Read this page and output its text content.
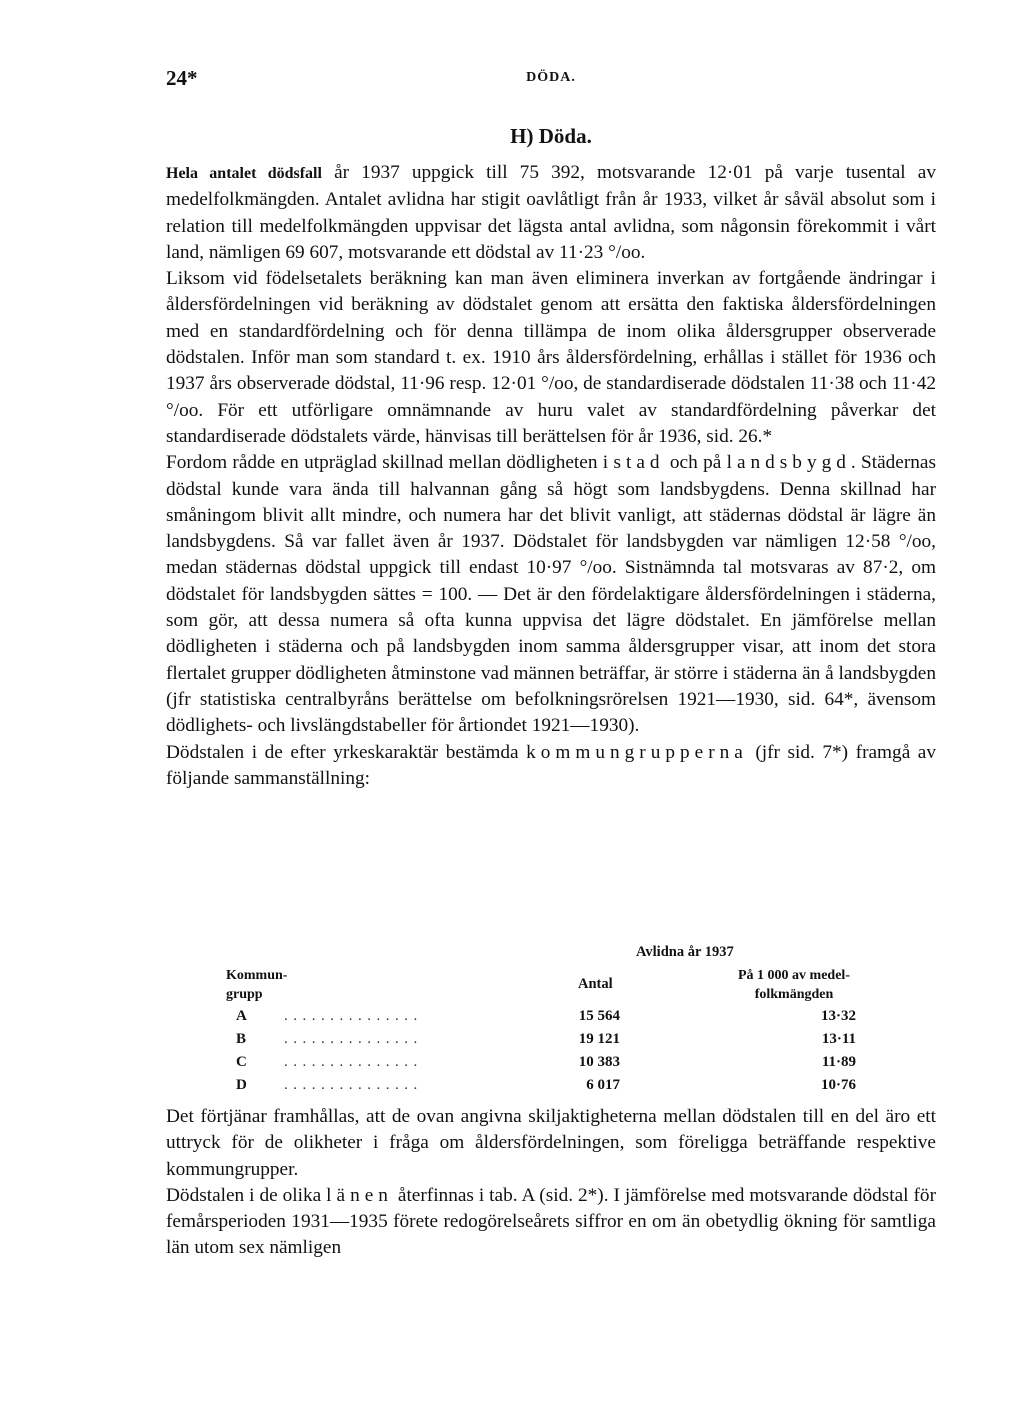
24*	DÖDA.
H) Döda.

Hela antalet dödsfall år 1937 uppgick till 75 392, motsvarande 12·01 på varje tusental av medelfolkmängden. Antalet avlidna har stigit oavlåtligt från år 1933, vilket år såväl absolut som i relation till medelfolkmängden uppvisar det lägsta antal avlidna, som någonsin förekommit i vårt land, nämligen 69 607, motsvarande ett dödstal av 11·23 °/oo.

Liksom vid födelsetalets beräkning kan man även eliminera inverkan av fortgående ändringar i åldersfördelningen vid beräkning av dödstalet genom att ersätta den faktiska åldersfördelningen med en standardfördelning och för denna tillämpa de inom olika åldersgrupper observerade dödstalen. Inför man som standard t. ex. 1910 års åldersfördelning, erhållas i stället för 1936 och 1937 års observerade dödstal, 11·96 resp. 12·01 °/oo, de standardiserade dödstalen 11·38 och 11·42 °/oo. För ett utförligare omnämnande av huru valet av standardfördelning påverkar det standardiserade dödstalets värde, hänvisas till berättelsen för år 1936, sid. 26.*

Fordom rådde en utpräglad skillnad mellan dödligheten i stad och på landsbygd. Städernas dödstal kunde vara ända till halvannan gång så högt som landsbygdens. Denna skillnad har småningom blivit allt mindre, och numera har det blivit vanligt, att städernas dödstal är lägre än landsbygdens. Så var fallet även år 1937. Dödstalet för landsbygden var nämligen 12·58 °/oo, medan städernas dödstal uppgick till endast 10·97 °/oo. Sistnämnda tal motsvaras av 87·2, om dödstalet för landsbygden sättes = 100. — Det är den fördelaktigare åldersfördelningen i städerna, som gör, att dessa numera så ofta kunna uppvisa det lägre dödstalet. En jämförelse mellan dödligheten i städerna och på landsbygden inom samma åldersgrupper visar, att inom det stora flertalet grupper dödligheten åtminstone vad männen beträffar, är större i städerna än å landsbygden (jfr statistiska centralbyråns berättelse om befolkningsrörelsen 1921—1930, sid. 64*, ävensom dödlighets- och livslängdstabeller för årtiondet 1921—1930).

Dödstalen i de efter yrkeskaraktär bestämda kommungrupperna (jfr sid. 7*) framgå av följande sammanställning:

Avlidna år 1937
Kommun-
grupp
Antal
På 1 000 av medel-
folkmängden
A ...............	15 564	13·32
B	...............	19 121	13·11
C ...............	10 383	11·89
D ...............	6 017	10·76

Det förtjänar framhållas, att de ovan angivna skiljaktigheterna mellan dödstalen till en del äro ett uttryck för de olikheter i fråga om åldersfördelningen, som föreligga beträffande respektive kommungrupper.

Dödstalen i de olika länen återfinnas i tab. A (sid. 2*). I jämförelse med motsvarande dödstal för femårsperioden 1931—1935 förete redogörelseårets siffror en om än obetydlig ökning för samtliga län utom sex nämligen
